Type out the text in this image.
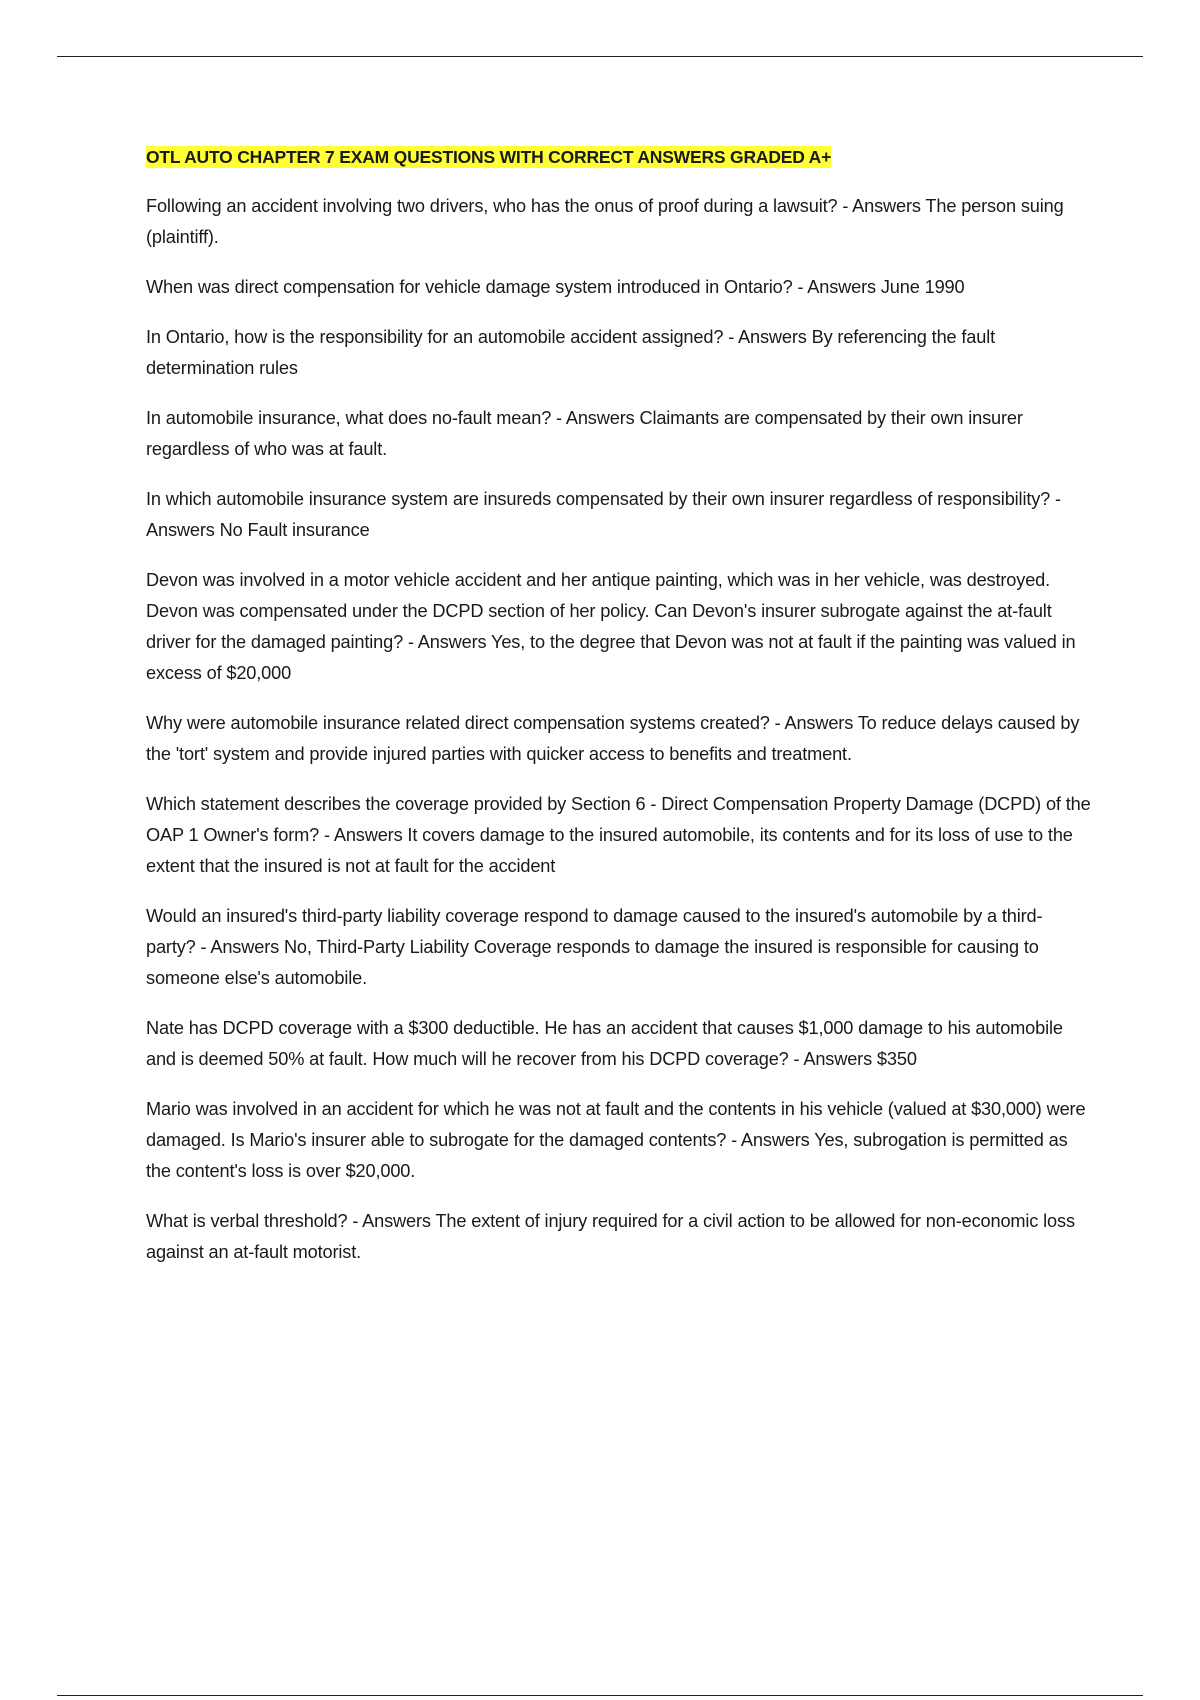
OTL AUTO CHAPTER 7 EXAM QUESTIONS WITH CORRECT ANSWERS GRADED A+

Following an accident involving two drivers, who has the onus of proof during a lawsuit? - Answers The person suing (plaintiff).

When was direct compensation for vehicle damage system introduced in Ontario? - Answers June 1990

In Ontario, how is the responsibility for an automobile accident assigned? - Answers By referencing the fault determination rules

In automobile insurance, what does no-fault mean? - Answers Claimants are compensated by their own insurer regardless of who was at fault.

In which automobile insurance system are insureds compensated by their own insurer regardless of responsibility? - Answers No Fault insurance

Devon was involved in a motor vehicle accident and her antique painting, which was in her vehicle, was destroyed. Devon was compensated under the DCPD section of her policy. Can Devon's insurer subrogate against the at-fault driver for the damaged painting? - Answers Yes, to the degree that Devon was not at fault if the painting was valued in excess of $20,000

Why were automobile insurance related direct compensation systems created? - Answers To reduce delays caused by the 'tort' system and provide injured parties with quicker access to benefits and treatment.

Which statement describes the coverage provided by Section 6 - Direct Compensation Property Damage (DCPD) of the OAP 1 Owner's form? - Answers It covers damage to the insured automobile, its contents and for its loss of use to the extent that the insured is not at fault for the accident

Would an insured's third-party liability coverage respond to damage caused to the insured's automobile by a third-party? - Answers No, Third-Party Liability Coverage responds to damage the insured is responsible for causing to someone else's automobile.

Nate has DCPD coverage with a $300 deductible. He has an accident that causes $1,000 damage to his automobile and is deemed 50% at fault. How much will he recover from his DCPD coverage? - Answers $350

Mario was involved in an accident for which he was not at fault and the contents in his vehicle (valued at $30,000) were damaged. Is Mario's insurer able to subrogate for the damaged contents? - Answers Yes, subrogation is permitted as the content's loss is over $20,000.

What is verbal threshold? - Answers The extent of injury required for a civil action to be allowed for non-economic loss against an at-fault motorist.
